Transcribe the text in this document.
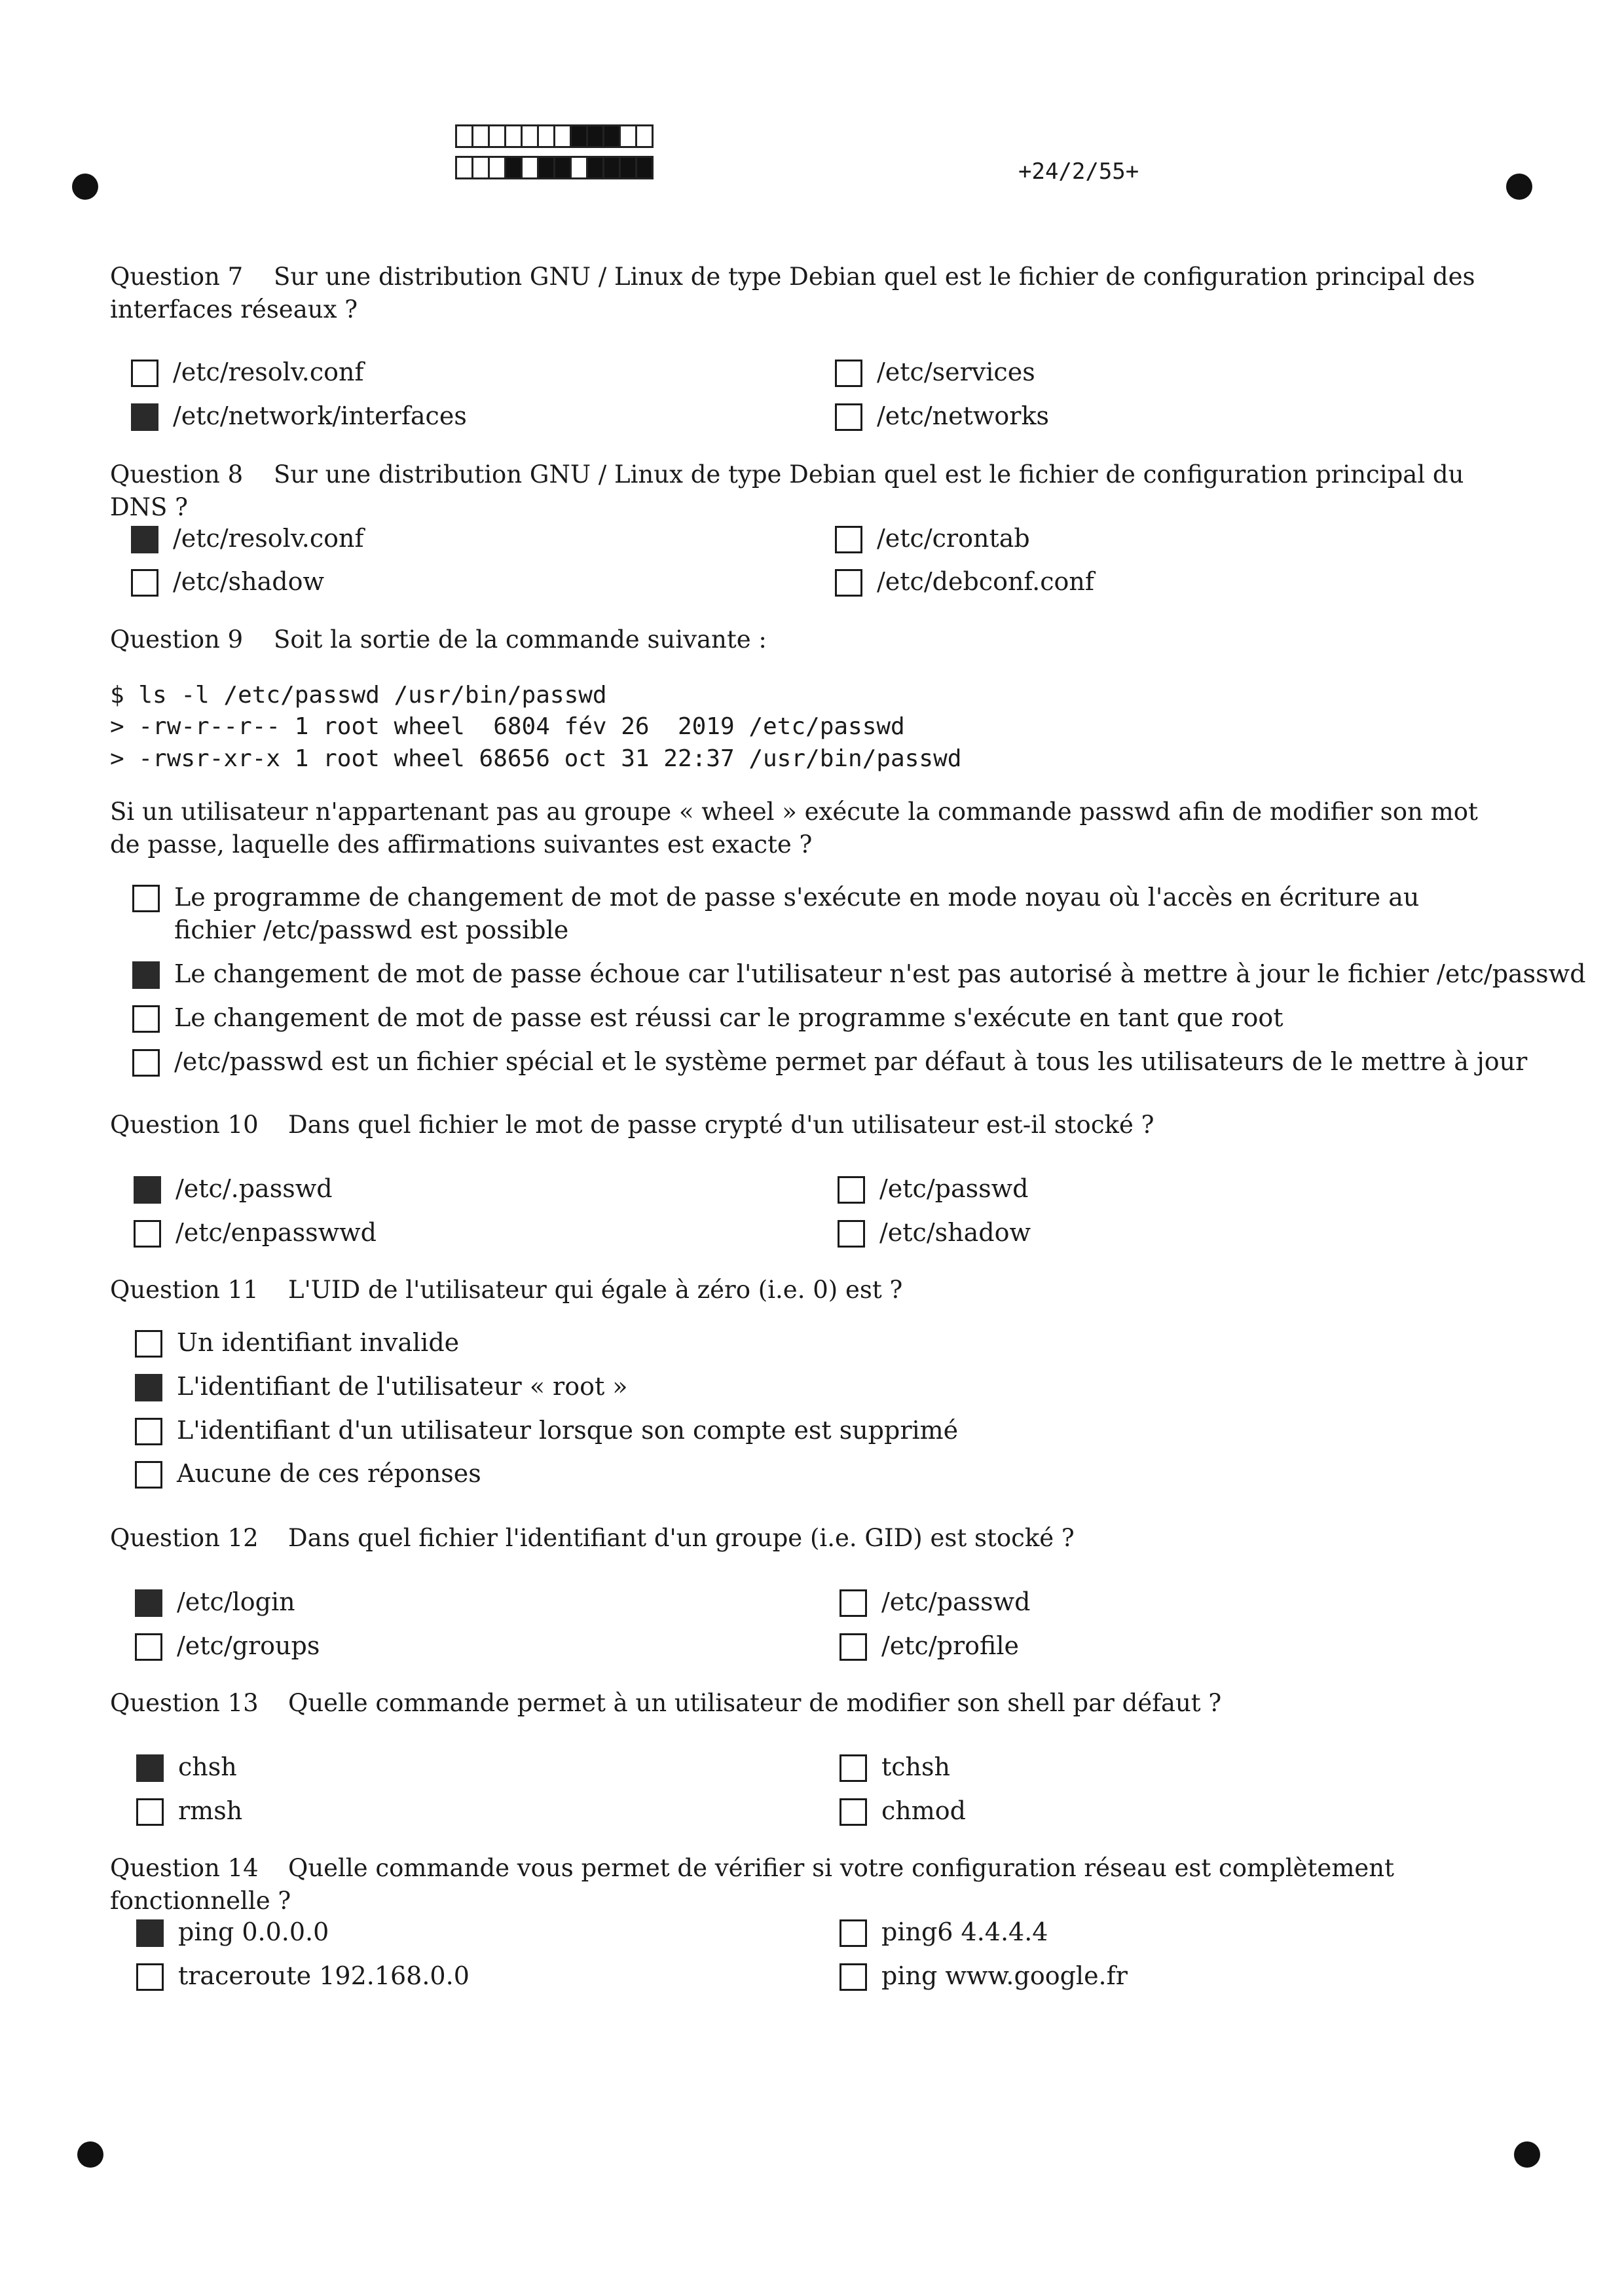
+24/2/55+
Question 7 Sur une distribution GNU / Linux de type Debian quel est le fichier de configuration principal des interfaces réseaux ?
/etc/resolv.conf
/etc/network/interfaces
/etc/services
/etc/networks
Question 8 Sur une distribution GNU / Linux de type Debian quel est le fichier de configuration principal du DNS ?
/etc/resolv.conf
/etc/shadow
/etc/crontab
/etc/debconf.conf
Question 9 Soit la sortie de la commande suivante :
$ ls -l /etc/passwd /usr/bin/passwd
> -rw-r--r-- 1 root wheel  6804 fév 26  2019 /etc/passwd
> -rwsr-xr-x 1 root wheel 68656 oct 31 22:37 /usr/bin/passwd
Si un utilisateur n'appartenant pas au groupe « wheel » exécute la commande passwd afin de modifier son mot de passe, laquelle des affirmations suivantes est exacte ?
Le programme de changement de mot de passe s'exécute en mode noyau où l'accès en écriture au fichier /etc/passwd est possible
Le changement de mot de passe échoue car l'utilisateur n'est pas autorisé à mettre à jour le fichier /etc/passwd
Le changement de mot de passe est réussi car le programme s'exécute en tant que root
/etc/passwd est un fichier spécial et le système permet par défaut à tous les utilisateurs de le mettre à jour
Question 10 Dans quel fichier le mot de passe crypté d'un utilisateur est-il stocké ?
/etc/.passwd
/etc/enpasswwd
/etc/passwd
/etc/shadow
Question 11 L'UID de l'utilisateur qui égale à zéro (i.e. 0) est ?
Un identifiant invalide
L'identifiant de l'utilisateur « root »
L'identifiant d'un utilisateur lorsque son compte est supprimé
Aucune de ces réponses
Question 12 Dans quel fichier l'identifiant d'un groupe (i.e. GID) est stocké ?
/etc/login
/etc/groups
/etc/passwd
/etc/profile
Question 13 Quelle commande permet à un utilisateur de modifier son shell par défaut ?
chsh
rmsh
tchsh
chmod
Question 14 Quelle commande vous permet de vérifier si votre configuration réseau est complètement fonctionnelle ?
ping 0.0.0.0
traceroute 192.168.0.0
ping6 4.4.4.4
ping www.google.fr
